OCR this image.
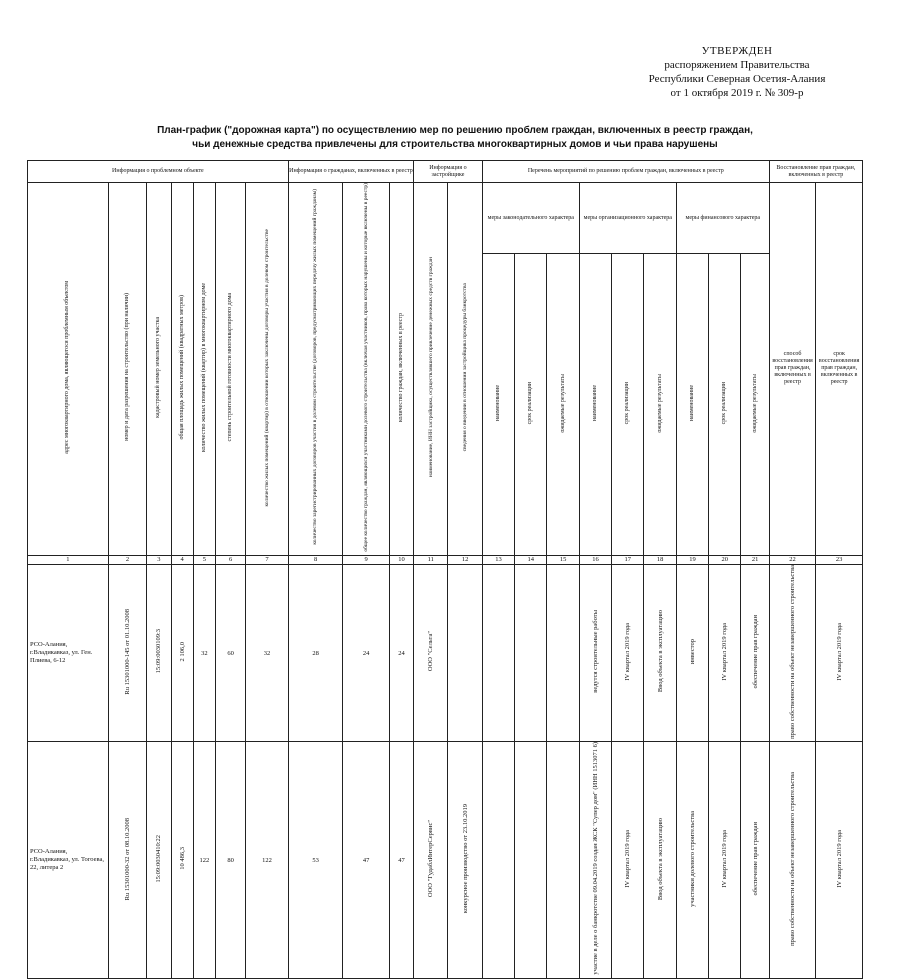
УТВЕРЖДЕН
распоряжением Правительства
Республики Северная Осетия-Алания
от 1 октября 2019 г. № 309-р
План-график ("дорожная карта") по осуществлению мер по решению проблем граждан, включенных в реестр граждан,
чьи денежные средства привлечены для строительства многоквартирных домов и чьи права нарушены
Информация о проблемном объекте							Информация о гражданах, включенных в реестр			Информация о застройщике		Перечень мероприятий по решению проблем граждан, включенных в реестр									Восстановление прав граждан, включенных в реестр	
адрес многоквартирного дома, являющегося проблемным объектом	номер и дата разрешения на строительство (при наличии)	кадастровый номер земельного участка	общая площадь жилых помещений (квадратных метров)	количество жилых помещений (квартир) в многоквартирном доме	степень строительной готовности многоквартирного дома	количество жилых помещений (квартир) в отношении которых заключены договоры участия в долевом строительстве	количество зарегистрированных договоров участия в долевом строительстве (договоров, предусматривающих передачу жилых помещений гражданам)	общее количество граждан, являющихся участниками долевого строительства (включая участников, права которых нарушены и которые включены в реестр)	количество граждан, включенных в реестр	наименование, ИНН застройщика, осуществлявшего привлечение денежных средств граждан	сведения о введении в отношении застройщика процедуры банкротства	меры законодательного характера			меры организационного характера			меры финансового характера			способ восстановления прав граждан, включенных в реестр	срок восстановления прав граждан, включенных в реестр
												наименование	срок реализации	ожидаемые результаты	наименование	срок реализации	ожидаемые результаты	наименование	срок реализации	ожидаемые результаты		
1	2	3	4	5	6	7	8	9	10	11	12	13	14	15	16	17	18	19	20	21	22	23
РСО-Алания, г.Владикавказ, ул. Ген. Плиева, 6-12	Ru 15301000-145 от 01.10.2008	15:09:0030109:3	2 106,0	32	60	32	28	24	24	ООО "Сельта"					ведутся строительные работы	IV квартал 2019 года	Ввод объекта в эксплуатацию	инвестор	IV квартал 2019 года	обеспечение прав граждан	право собственности на объект незавершенного строительства	IV квартал 2019 года
РСО-Алания, г.Владикавказ, ул. Тогоева, 22, литера 2	Ru 15301000-32 от 08.10.2008	15:09:0030410:22	10 486,3	122	80	122	53	47	47	ООО "ГудаблИнтерСервис"	конкурсное производство от 23.10.2019				участие в деле о банкротстве 09.04.2019 создан ЖСК "Супер дом" (ИНН 1513071 6)	IV квартал 2019 года	Ввод объекта в эксплуатацию	участники долевого строительства	IV квартал 2019 года	обеспечение прав граждан	право собственности на объект незавершенного строительства	IV квартал 2019 года
